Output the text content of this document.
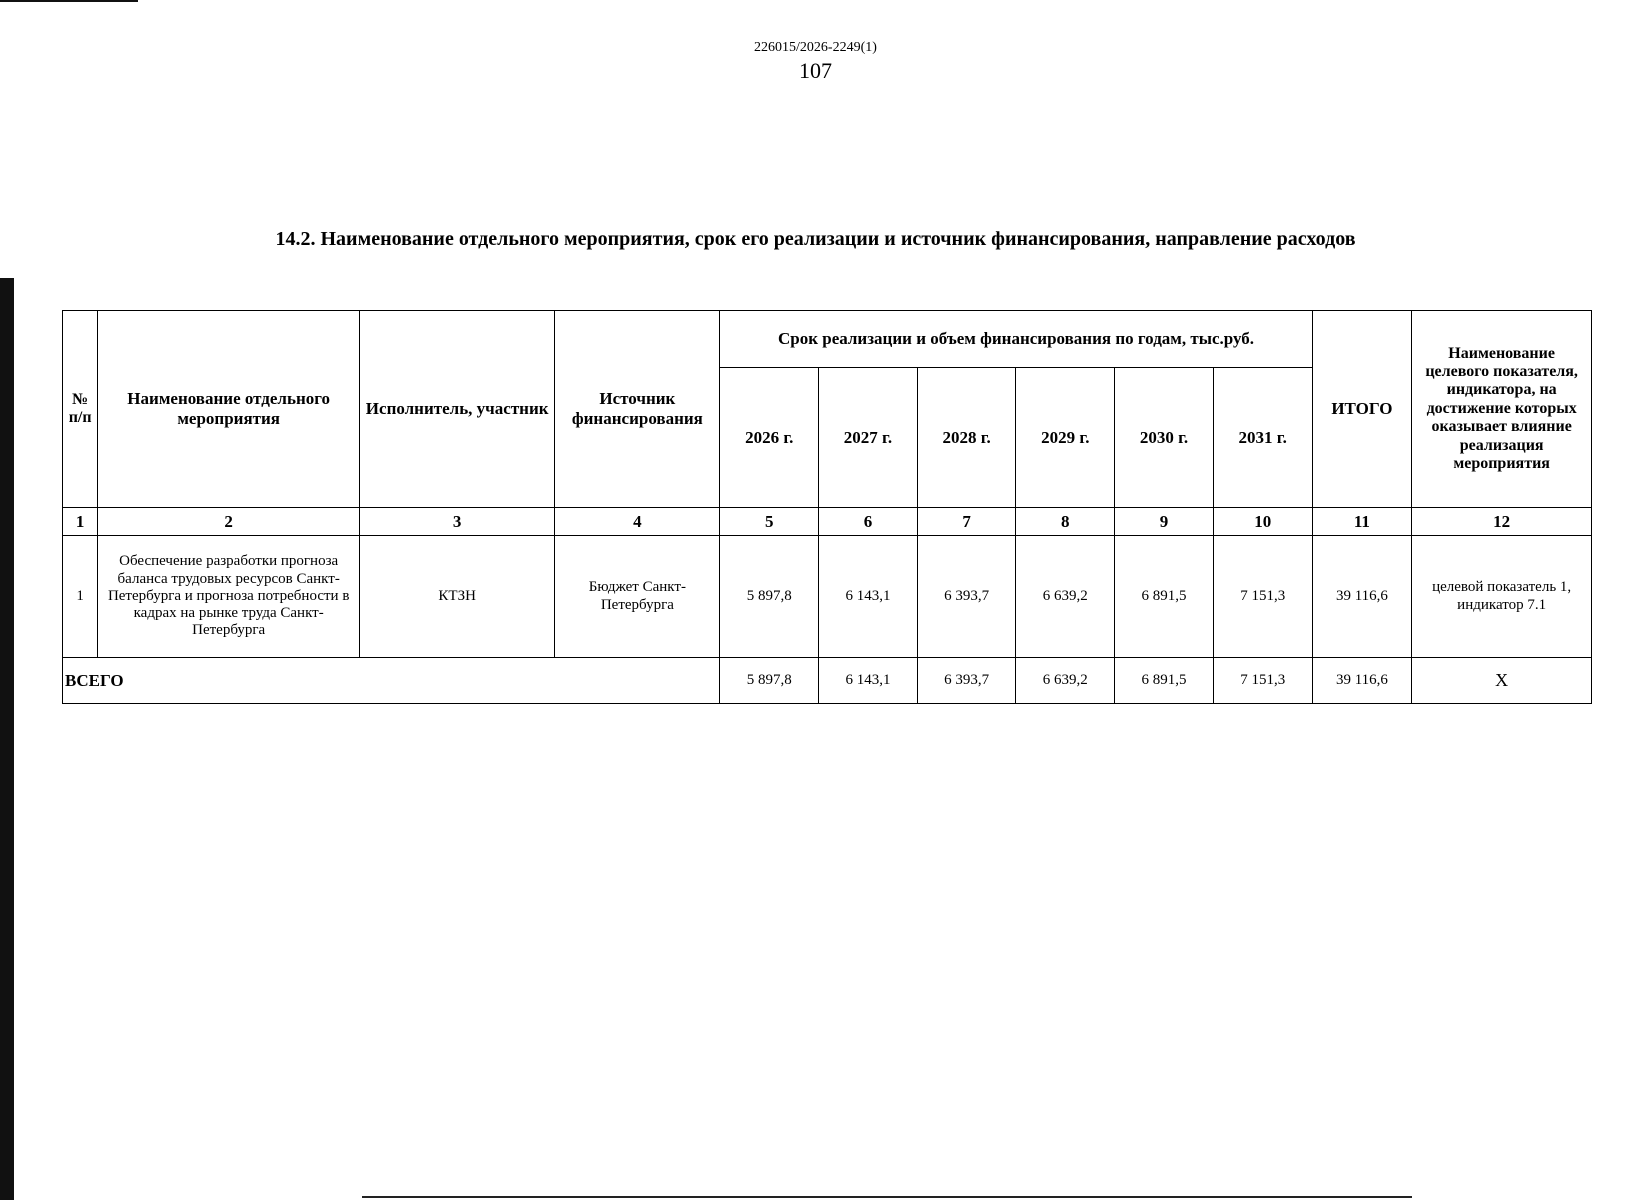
226015/2026-2249(1)
107
14.2. Наименование отдельного мероприятия, срок его реализации и источник финансирования, направление расходов
№ п/п	Наименование отдельного мероприятия	Исполнитель, участник	Источник финансирования	Срок реализации и объем финансирования по годам, тыс.руб.						ИТОГО	Наименование целевого показателя, индикатора, на достижение которых оказывает влияние реализация мероприятия
				2026 г.	2027 г.	2028 г.	2029 г.	2030 г.	2031 г.		
1	2	3	4	5	6	7	8	9	10	11	12
1	Обеспечение разработки прогноза баланса трудовых ресурсов Санкт-Петербурга и прогноза потребности в кадрах на рынке труда Санкт-Петербурга	КТЗН	Бюджет Санкт-Петербурга	5 897,8	6 143,1	6 393,7	6 639,2	6 891,5	7 151,3	39 116,6	целевой показатель 1, индикатор 7.1
ВСЕГО				5 897,8	6 143,1	6 393,7	6 639,2	6 891,5	7 151,3	39 116,6	Х
